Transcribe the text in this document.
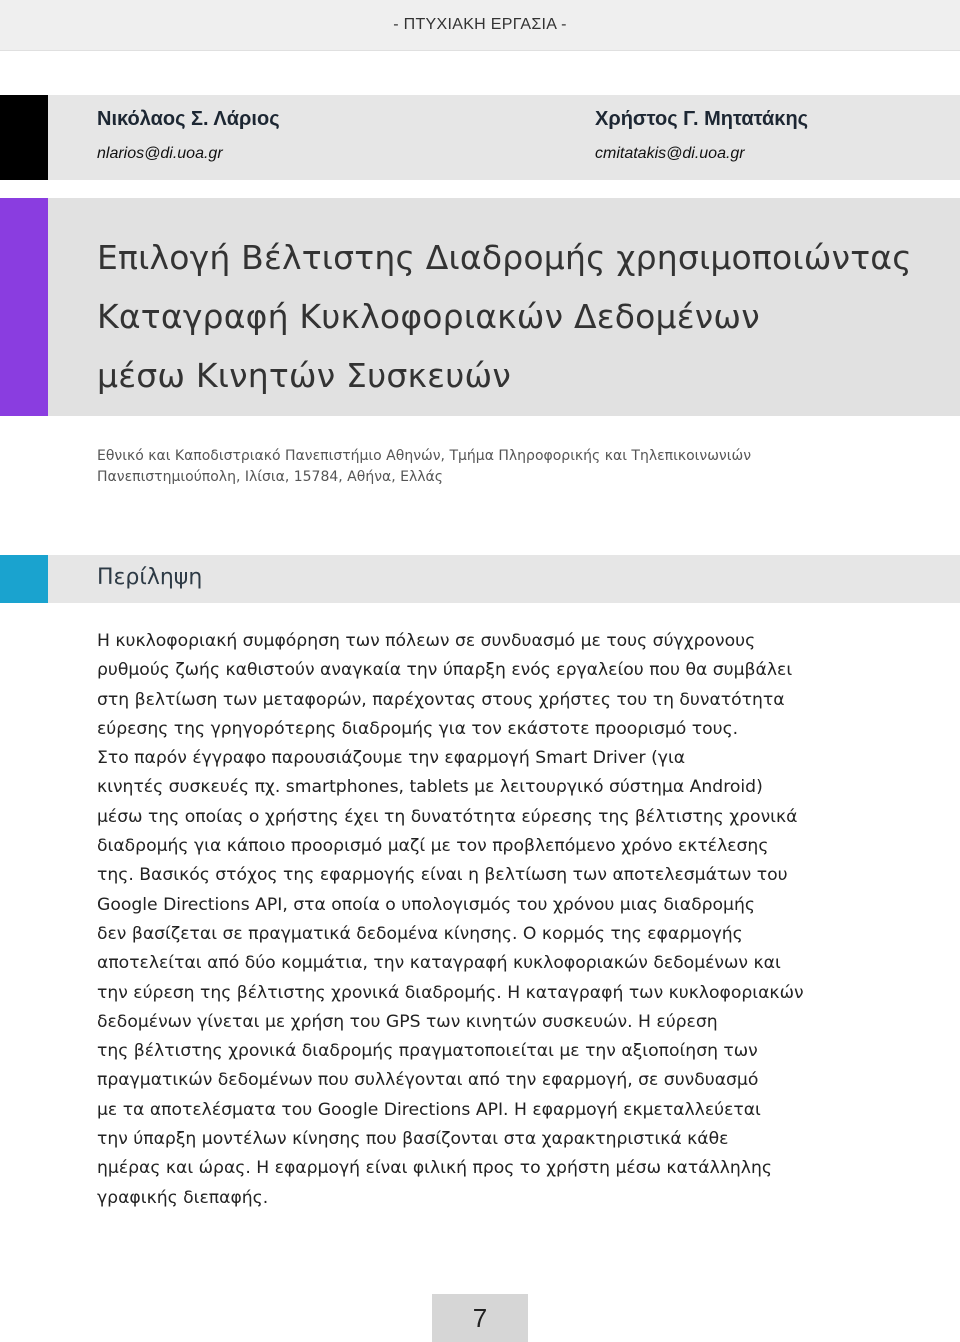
- ΠΤΥΧΙΑΚΗ ΕΡΓΑΣΙΑ -
Νικόλαος Σ. Λάριος
nlarios@di.uoa.gr
Χρήστος Γ. Μητατάκης
cmitatakis@di.uoa.gr
Επιλογή Βέλτιστης Διαδρομής χρησιμοποιώντας
Καταγραφή Κυκλοφοριακών Δεδομένων
μέσω Κινητών Συσκευών
Εθνικό και Καποδιστριακό Πανεπιστήμιο Αθηνών, Τμήμα Πληροφορικής και Τηλεπικοινωνιών
Πανεπιστημιούπολη, Ιλίσια, 15784, Αθήνα, Ελλάς
Περίληψη
Η κυκλοφοριακή συμφόρηση των πόλεων σε συνδυασμό με τους σύγχρονους
ρυθμούς ζωής καθιστούν αναγκαία την ύπαρξη ενός εργαλείου που θα συμβάλει
στη βελτίωση των μεταφορών, παρέχοντας στους χρήστες του τη δυνατότητα
εύρεσης της γρηγορότερης διαδρομής για τον εκάστοτε προορισμό τους.
Στο παρόν έγγραφο παρουσιάζουμε την εφαρμογή Smart Driver (για
κινητές συσκευές πχ. smartphones, tablets με λειτουργικό σύστημα Android)
μέσω της οποίας ο χρήστης έχει τη δυνατότητα εύρεσης της βέλτιστης χρονικά
διαδρομής για κάποιο προορισμό μαζί με τον προβλεπόμενο χρόνο εκτέλεσης
της. Βασικός στόχος της εφαρμογής είναι η βελτίωση των αποτελεσμάτων του
Google Directions API, στα οποία ο υπολογισμός του χρόνου μιας διαδρομής
δεν βασίζεται σε πραγματικά δεδομένα κίνησης. Ο κορμός της εφαρμογής
αποτελείται από δύο κομμάτια, την καταγραφή κυκλοφοριακών δεδομένων και
την εύρεση της βέλτιστης χρονικά διαδρομής. Η καταγραφή των κυκλοφοριακών
δεδομένων γίνεται με χρήση του GPS των κινητών συσκευών. Η εύρεση
της βέλτιστης χρονικά διαδρομής πραγματοποιείται με την αξιοποίηση των
πραγματικών δεδομένων που συλλέγονται από την εφαρμογή, σε συνδυασμό
με τα αποτελέσματα του Google Directions API. Η εφαρμογή εκμεταλλεύεται
την ύπαρξη μοντέλων κίνησης που βασίζονται στα χαρακτηριστικά κάθε
ημέρας και ώρας. Η εφαρμογή είναι φιλική προς το χρήστη μέσω κατάλληλης
γραφικής διεπαφής.
7
